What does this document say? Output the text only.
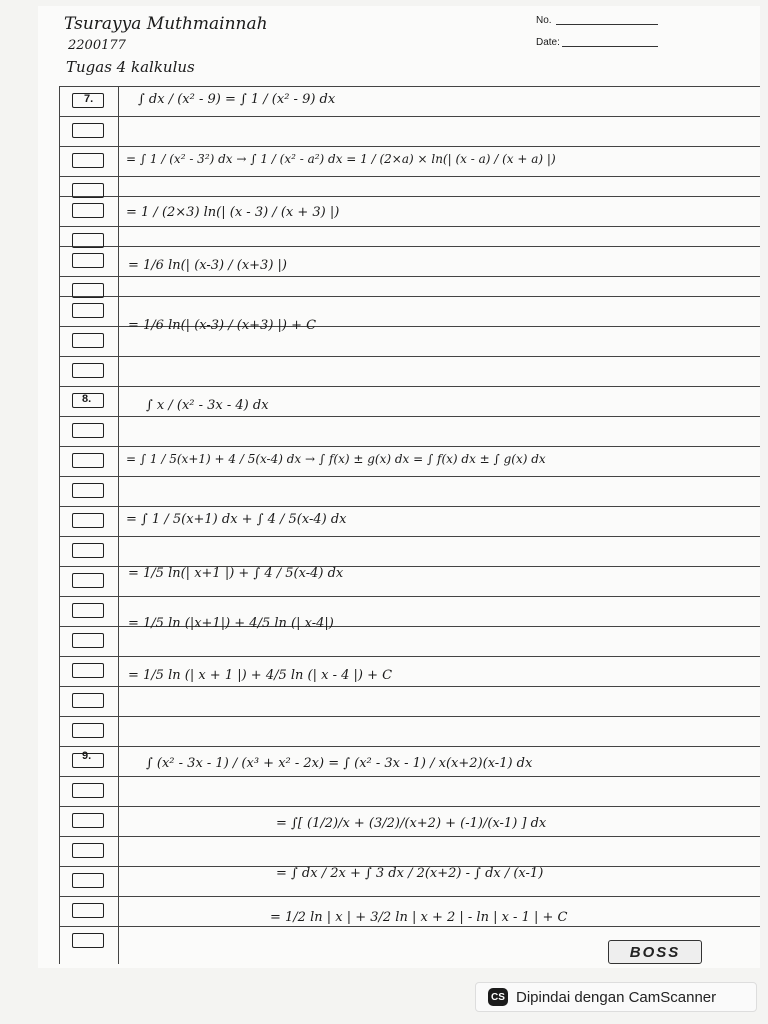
Tsurayya Muthmainnah
2200177
Tugas 4 kalkulus
No.
Date:
7.
8.
9.
∫ dx / (x² - 9) = ∫ 1 / (x² - 9) dx
= ∫ 1 / (x² - 3²) dx → ∫ 1 / (x² - a²) dx = 1 / (2×a) × ln(| (x - a) / (x + a) |)
= 1 / (2×3) ln(| (x - 3) / (x + 3) |)
= 1/6 ln(| (x-3) / (x+3) |)
= 1/6 ln(| (x-3) / (x+3) |) + C
∫ x / (x² - 3x - 4) dx
= ∫ 1 / 5(x+1) + 4 / 5(x-4) dx → ∫ f(x) ± g(x) dx = ∫ f(x) dx ± ∫ g(x) dx
= ∫ 1 / 5(x+1) dx + ∫ 4 / 5(x-4) dx
= 1/5 ln(| x+1 |) + ∫ 4 / 5(x-4) dx
= 1/5 ln (|x+1|) + 4/5 ln (| x-4|)
= 1/5 ln (| x + 1 |) + 4/5 ln (| x - 4 |) + C
∫ (x² - 3x - 1) / (x³ + x² - 2x) = ∫ (x² - 3x - 1) / x(x+2)(x-1) dx
= ∫[ (1/2)/x + (3/2)/(x+2) + (-1)/(x-1) ] dx
= ∫ dx / 2x + ∫ 3 dx / 2(x+2) - ∫ dx / (x-1)
= 1/2 ln | x | + 3/2 ln | x + 2 | - ln | x - 1 | + C
BOSS
CS Dipindai dengan CamScanner
